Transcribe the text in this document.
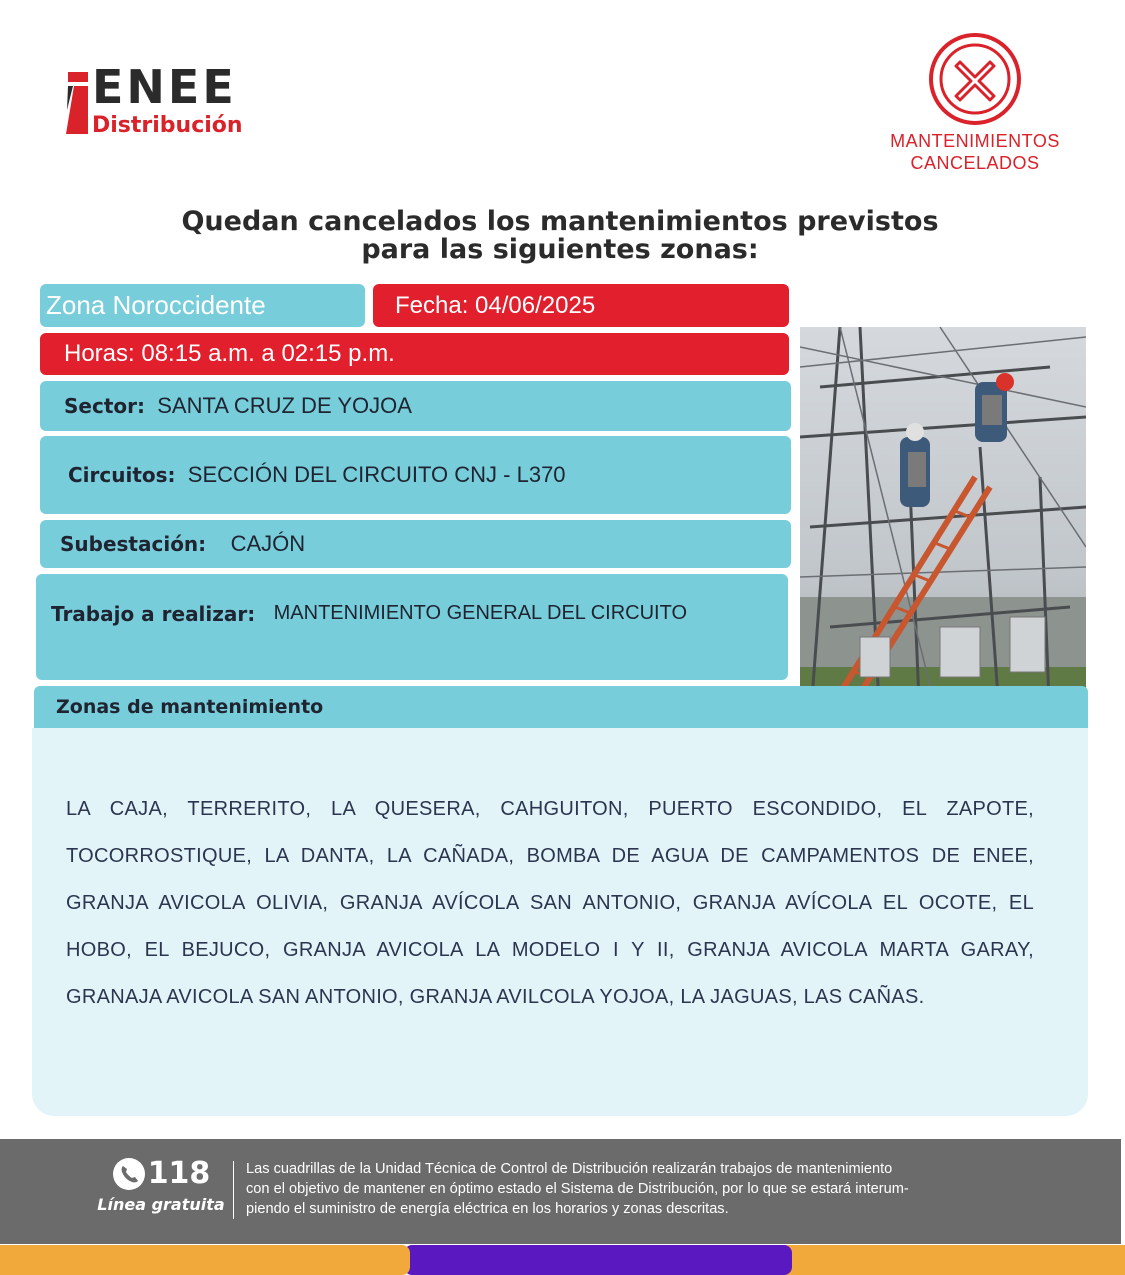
ENEE
Distribución
MANTENIMIENTOS
CANCELADOS
Quedan cancelados los mantenimientos previstos
para las siguientes zonas:
Zona Noroccidente	Fecha:
04/06/2025
Horas:
08:15 a.m. a 02:15 p.m.
Sector:
SANTA CRUZ DE YOJOA
Circuitos:
SECCIÓN DEL CIRCUITO CNJ - L370
Subestación:
CAJÓN
Trabajo a realizar:
MANTENIMIENTO GENERAL DEL CIRCUITO
Zonas de mantenimiento

LA CAJA, TERRERITO, LA QUESERA, CAHGUITON, PUERTO ESCONDIDO, EL ZAPOTE, TOCORROSTIQUE, LA DANTA, LA CAÑADA, BOMBA DE AGUA DE CAMPAMENTOS DE ENEE, GRANJA AVICOLA OLIVIA, GRANJA AVÍCOLA SAN ANTONIO, GRANJA AVÍCOLA EL OCOTE, EL HOBO, EL BEJUCO, GRANJA AVICOLA LA MODELO I Y II, GRANJA AVICOLA MARTA GARAY, GRANAJA AVICOLA SAN ANTONIO, GRANJA AVILCOLA YOJOA, LA JAGUAS, LAS CAÑAS.

118
Línea gratuita
Las cuadrillas de la Unidad Técnica de Control de Distribución realizarán trabajos de mantenimiento
con el objetivo de mantener en óptimo estado el Sistema de Distribución, por lo que se estará interum-
piendo el suministro de energía eléctrica en los horarios y zonas descritas.
